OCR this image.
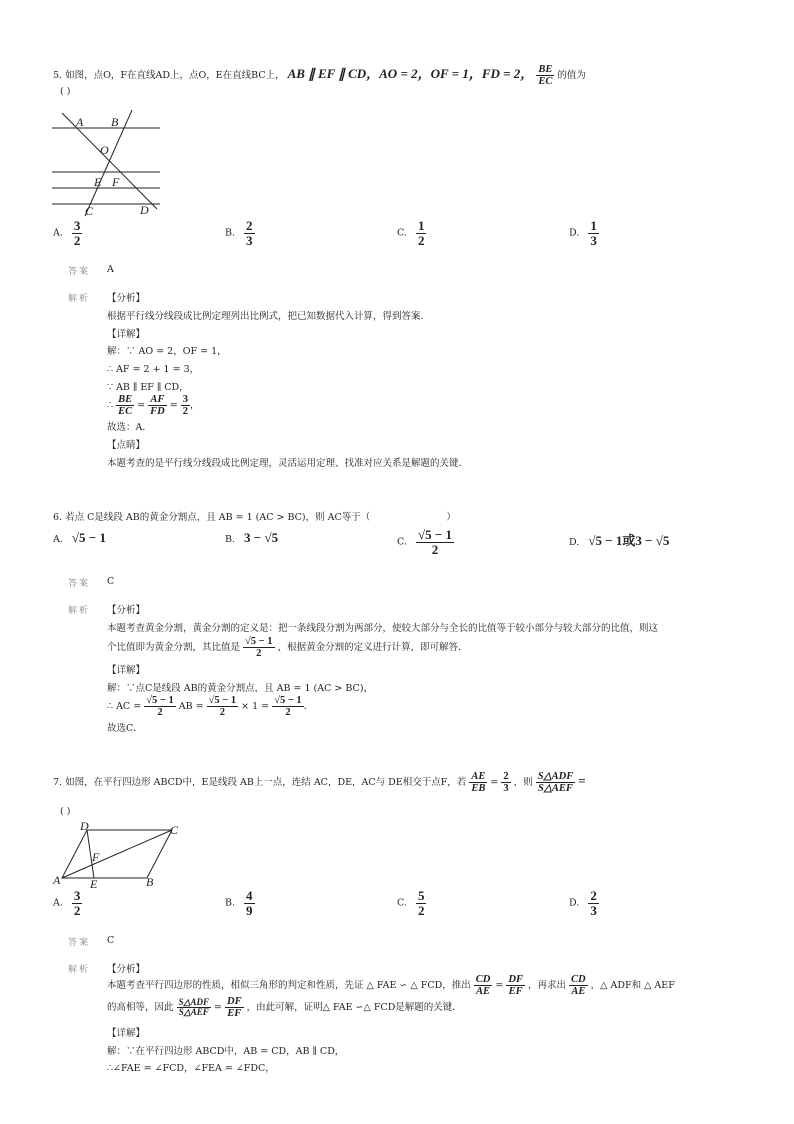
5. 如图，点O，F在直线AD上，点O，E在直线BC上， AB ∥ EF ∥ CD，AO = 2，OF = 1，FD = 2， $\frac{BE}{EC}$ 的值为
( )
A B
O
E F
C	D
A. $\frac{3}{2}$	B. $\frac{2}{3}$	C. $\frac{1}{2}$	D. $\frac{1}{3}$
答案 A
解析 【分析】
根据平行线分线段成比例定理列出比例式，把已知数据代入计算，得到答案．
【详解】
解：∵ AO = 2，OF = 1，
∴ AF = 2 + 1 = 3，
∵ AB ∥ EF ∥ CD，
∴ $\frac{BE}{EC} = \frac{AF}{FD} = \frac{3}{2}$ ，
故选：A．
【点睛】
本题考查的是平行线分线段成比例定理，灵活运用定理、找准对应关系是解题的关键．
6. 若点 C是线段 AB的黄金分割点，且 AB = 1 (AC > BC)，则 AC等于（	）
A. √5 − 1	B. 3 − √5	C. $\frac{√5 - 1}{2}$	D. √5 − 1或3 − √5
答案 C
解析 【分析】
本题考查黄金分割，黄金分割的定义是：把一条线段分割为两部分，使较大部分与全长的比值等于较小部分与较大部分的比值，则这
个比值即为黄金分割，其比值是 $\frac{√5 - 1}{2}$ ，根据黄金分割的定义进行计算，即可解答．
【详解】
解：∵点C是线段 AB的黄金分割点，且 AB = 1 (AC > BC)，
∴ AC = $\frac{√5 - 1}{2}$ AB = $\frac{√5 - 1}{2} \times 1 = \frac{√5 - 1}{2}$ ．
故选C．
7. 如图，在平行四边形 ABCD中，E是线段 AB上一点，连结 AC，DE，AC与 DE相交于点F，若 $\frac{AE}{EB} = \frac{2}{3}$ ，则 $\frac{\text{S△ADF}}{\text{S△AEF}}$ =
( )
D	C
F
A E	B
A. $\frac{3}{2}$	B. $\frac{4}{9}$	C. $\frac{5}{2}$	D. $\frac{2}{3}$
答案 C
解析 【分析】
本题考查平行四边形的性质，相似三角形的判定和性质，先证 △ FAE ∽ △ FCD，推出 $\frac{CD}{AE} = \frac{DF}{EF}$ ，再求出 $\frac{CD}{AE}$ ，△ ADF和 △ AEF
的高相等，因此 $\frac{\text{S△ADF}}{\text{S△AEF}} = \frac{DF}{EF}$ ，由此可解，证明△ FAE ∽△ FCD是解题的关键．
【详解】
解：∵在平行四边形 ABCD中，AB = CD，AB ∥ CD，
∴∠FAE = ∠FCD，∠FEA = ∠FDC，
